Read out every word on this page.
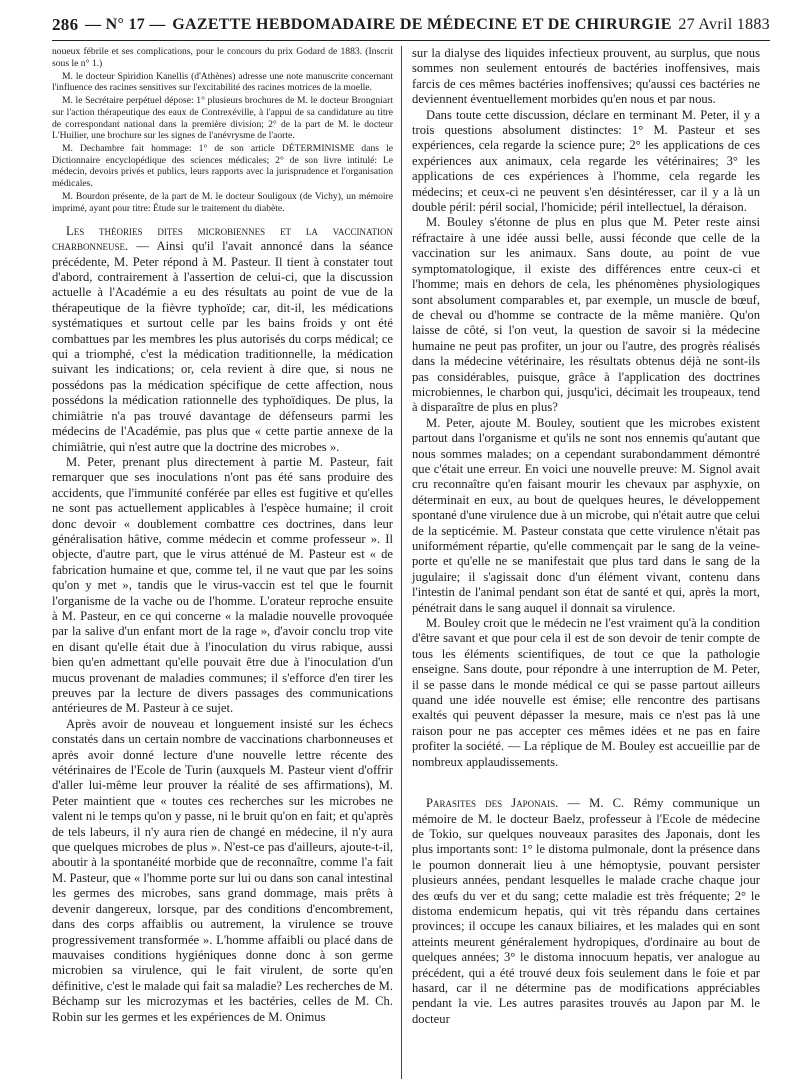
286 — N° 17 — GAZETTE HEBDOMADAIRE DE MÉDECINE ET DE CHIRURGIE 27 Avril 1883

noueux fébrile et ses complications, pour le concours du prix Godard de 1883. (Inscrit sous le n° 1.)

M. le docteur Spiridion Kanellis (d'Athènes) adresse une note manuscrite concernant l'influence des racines sensitives sur l'excitabilité des racines motrices de la moelle.

M. le Secrétaire perpétuel dépose: 1° plusieurs brochures de M. le docteur Brongniart sur l'action thérapeutique des eaux de Contrexéville, à l'appui de sa candidature au titre de correspondant national dans la première division; 2° de la part de M. le docteur L'Huilier, une brochure sur les signes de l'anévrysme de l'aorte.

M. Dechambre fait hommage: 1° de son article DÉTERMINISME dans le Dictionnaire encyclopédique des sciences médicales; 2° de son livre intitulé: Le médecin, devoirs privés et publics, leurs rapports avec la jurisprudence et l'organisation médicales.

M. Bourdon présente, de la part de M. le docteur Souligoux (de Vichy), un mémoire imprimé, ayant pour titre: Étude sur le traitement du diabète.

Les théories dites microbiennes et la vaccination charbonneuse. — Ainsi qu'il l'avait annoncé dans la séance précédente, M. Peter répond à M. Pasteur. Il tient à constater tout d'abord, contrairement à l'assertion de celui-ci, que la discussion actuelle à l'Académie a eu des résultats au point de vue de la thérapeutique de la fièvre typhoïde; car, dit-il, les médications systématiques et surtout celle par les bains froids y ont été combattues par les membres les plus autorisés du corps médical; ce qui a triomphé, c'est la médication traditionnelle, la médication suivant les indications; or, cela revient à dire que, si nous ne possédons pas la médication spécifique de cette affection, nous possédons la médication rationnelle des typhoïdiques. De plus, la chimiâtrie n'a pas trouvé davantage de défenseurs parmi les médecins de l'Académie, pas plus que « cette partie annexe de la chimiâtrie, qui n'est autre que la doctrine des microbes ».

M. Peter, prenant plus directement à partie M. Pasteur, fait remarquer que ses inoculations n'ont pas été sans produire des accidents, que l'immunité conférée par elles est fugitive et qu'elles ne sont pas actuellement applicables à l'espèce humaine; il croit donc devoir « doublement combattre ces doctrines, dans leur généralisation hâtive, comme médecin et comme professeur ». Il objecte, d'autre part, que le virus atténué de M. Pasteur est « de fabrication humaine et que, comme tel, il ne vaut que par les soins qu'on y met », tandis que le virus-vaccin est tel que le fournit l'organisme de la vache ou de l'homme. L'orateur reproche ensuite à M. Pasteur, en ce qui concerne « la maladie nouvelle provoquée par la salive d'un enfant mort de la rage », d'avoir conclu trop vite en disant qu'elle était due à l'inoculation du virus rabique, aussi bien qu'en admettant qu'elle pouvait être due à l'inoculation d'un mucus provenant de maladies communes; il s'efforce d'en tirer les preuves par la lecture de divers passages des communications antérieures de M. Pasteur à ce sujet.

Après avoir de nouveau et longuement insisté sur les échecs constatés dans un certain nombre de vaccinations charbonneuses et après avoir donné lecture d'une nouvelle lettre récente des vétérinaires de l'Ecole de Turin (auxquels M. Pasteur vient d'offrir d'aller lui-même leur prouver la réalité de ses affirmations), M. Peter maintient que « toutes ces recherches sur les microbes ne valent ni le temps qu'on y passe, ni le bruit qu'on en fait; et qu'après de tels labeurs, il n'y aura rien de changé en médecine, il n'y aura que quelques microbes de plus ». N'est-ce pas d'ailleurs, ajoute-t-il, aboutir à la spontanéité morbide que de reconnaître, comme l'a fait M. Pasteur, que « l'homme porte sur lui ou dans son canal intestinal les germes des microbes, sans grand dommage, mais prêts à devenir dangereux, lorsque, par des conditions d'encombrement, dans des corps affaiblis ou autrement, la virulence se trouve progressivement transformée ». L'homme affaibli ou placé dans de mauvaises conditions hygiéniques donne donc à son germe microbien sa virulence, qui le fait virulent, de sorte qu'en définitive, c'est le malade qui fait sa maladie? Les recherches de M. Béchamp sur les microzymas et les bactéries, celles de M. Ch. Robin sur les germes et les expériences de M. Onimus

sur la dialyse des liquides infectieux prouvent, au surplus, que nous sommes non seulement entourés de bactéries inoffensives, mais farcis de ces mêmes bactéries inoffensives; qu'aussi ces bactéries ne deviennent éventuellement morbides qu'en nous et par nous.

Dans toute cette discussion, déclare en terminant M. Peter, il y a trois questions absolument distinctes: 1° M. Pasteur et ses expériences, cela regarde la science pure; 2° les applications de ces expériences aux animaux, cela regarde les vétérinaires; 3° les applications de ces expériences à l'homme, cela regarde les médecins; et ceux-ci ne peuvent s'en désintéresser, car il y a là un double péril: péril social, l'homicide; péril intellectuel, la déraison.

M. Bouley s'étonne de plus en plus que M. Peter reste ainsi réfractaire à une idée aussi belle, aussi féconde que celle de la vaccination sur les animaux. Sans doute, au point de vue symptomatologique, il existe des différences entre ceux-ci et l'homme; mais en dehors de cela, les phénomènes physiologiques sont absolument comparables et, par exemple, un muscle de bœuf, de cheval ou d'homme se contracte de la même manière. Qu'on laisse de côté, si l'on veut, la question de savoir si la médecine humaine ne peut pas profiter, un jour ou l'autre, des progrès réalisés dans la médecine vétérinaire, les résultats obtenus déjà ne sont-ils pas considérables, puisque, grâce à l'application des doctrines microbiennes, le charbon qui, jusqu'ici, décimait les troupeaux, tend à disparaître de plus en plus?

M. Peter, ajoute M. Bouley, soutient que les microbes existent partout dans l'organisme et qu'ils ne sont nos ennemis qu'autant que nous sommes malades; on a cependant surabondamment démontré que c'était une erreur. En voici une nouvelle preuve: M. Signol avait cru reconnaître qu'en faisant mourir les chevaux par asphyxie, on déterminait en eux, au bout de quelques heures, le développement spontané d'une virulence due à un microbe, qui n'était autre que celui de la septicémie. M. Pasteur constata que cette virulence n'était pas uniformément répartie, qu'elle commençait par le sang de la veine-porte et qu'elle ne se manifestait que plus tard dans le sang de la jugulaire; il s'agissait donc d'un élément vivant, contenu dans l'intestin de l'animal pendant son état de santé et qui, après la mort, pénétrait dans le sang auquel il donnait sa virulence.

M. Bouley croit que le médecin ne l'est vraiment qu'à la condition d'être savant et que pour cela il est de son devoir de tenir compte de tous les éléments scientifiques, de tout ce que la pathologie enseigne. Sans doute, pour répondre à une interruption de M. Peter, il se passe dans le monde médical ce qui se passe partout ailleurs quand une idée nouvelle est émise; elle rencontre des partisans exaltés qui peuvent dépasser la mesure, mais ce n'est pas là une raison pour ne pas accepter ces mêmes idées et ne pas en faire profiter la société. — La réplique de M. Bouley est accueillie par de nombreux applaudissements.

Parasites des Japonais. — M. C. Rémy communique un mémoire de M. le docteur Baelz, professeur à l'Ecole de médecine de Tokio, sur quelques nouveaux parasites des Japonais, dont les plus importants sont: 1° le distoma pulmonale, dont la présence dans le poumon donnerait lieu à une hémoptysie, pouvant persister plusieurs années, pendant lesquelles le malade crache chaque jour des œufs du ver et du sang; cette maladie est très fréquente; 2° le distoma endemicum hepatis, qui vit très répandu dans certaines provinces; il occupe les canaux biliaires, et les malades qui en sont atteints meurent généralement hydropiques, d'ordinaire au bout de quelques années; 3° le distoma innocuum hepatis, ver analogue au précédent, qui a été trouvé deux fois seulement dans le foie et par hasard, car il ne détermine pas de modifications appréciables pendant la vie. Les autres parasites trouvés au Japon par M. le docteur
